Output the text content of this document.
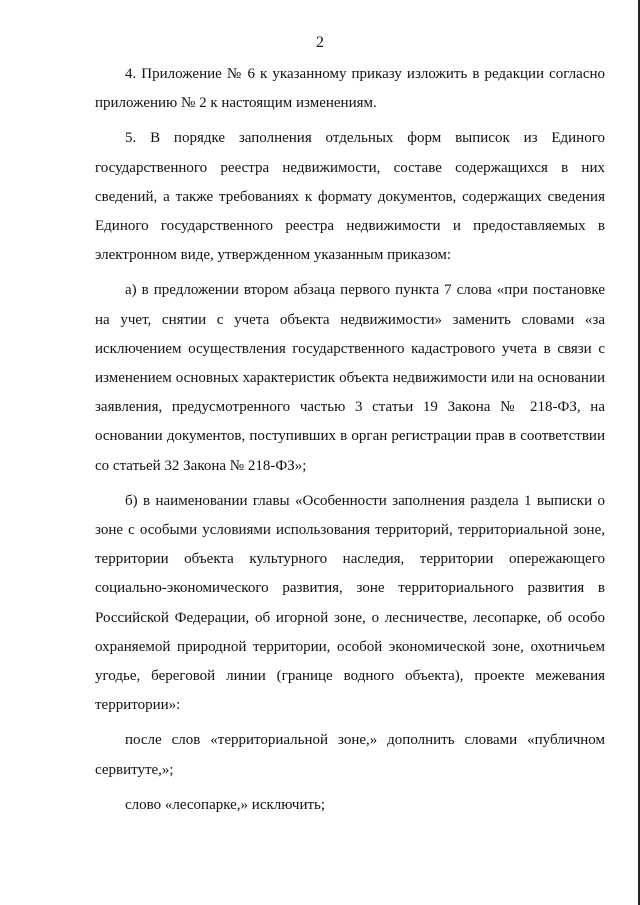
2

4. Приложение № 6 к указанному приказу изложить в редакции согласно приложению № 2 к настоящим изменениям.

5. В порядке заполнения отдельных форм выписок из Единого государственного реестра недвижимости, составе содержащихся в них сведений, а также требованиях к формату документов, содержащих сведения Единого государственного реестра недвижимости и предоставляемых в электронном виде, утвержденном указанным приказом:

а) в предложении втором абзаца первого пункта 7 слова «при постановке на учет, снятии с учета объекта недвижимости» заменить словами «за исключением осуществления государственного кадастрового учета в связи с изменением основных характеристик объекта недвижимости или на основании заявления, предусмотренного частью 3 статьи 19 Закона № 218-ФЗ, на основании документов, поступивших в орган регистрации прав в соответствии со статьей 32 Закона № 218-ФЗ»;

б) в наименовании главы «Особенности заполнения раздела 1 выписки о зоне с особыми условиями использования территорий, территориальной зоне, территории объекта культурного наследия, территории опережающего социально-экономического развития, зоне территориального развития в Российской Федерации, об игорной зоне, о лесничестве, лесопарке, об особо охраняемой природной территории, особой экономической зоне, охотничьем угодье, береговой линии (границе водного объекта), проекте межевания территории»:

после слов «территориальной зоне,» дополнить словами «публичном сервитуте,»;

слово «лесопарке,» исключить;
